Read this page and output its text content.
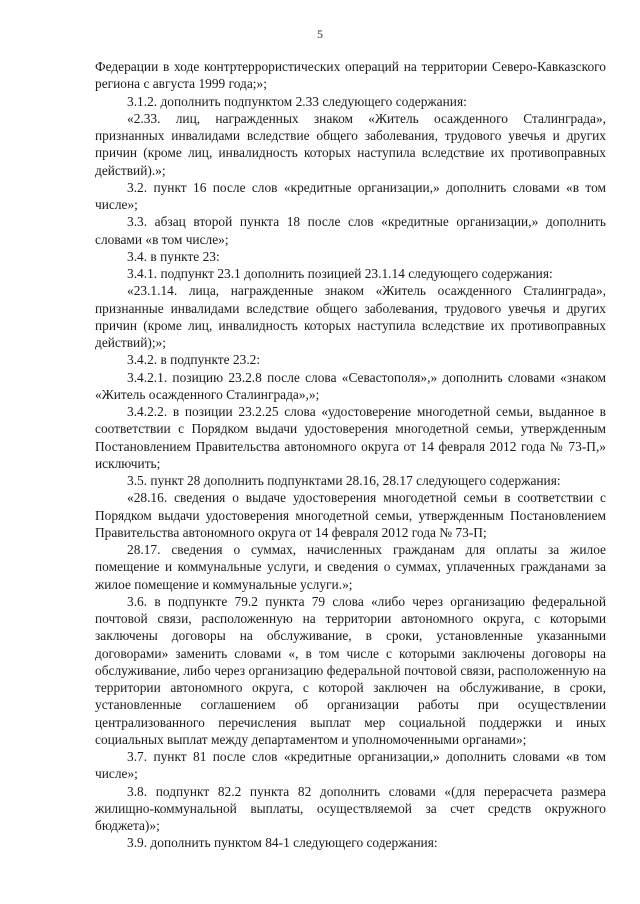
5

Федерации в ходе контртеррористических операций на территории Северо-Кавказского региона с августа 1999 года;»;

3.1.2. дополнить подпунктом 2.33 следующего содержания:

«2.33. лиц, награжденных знаком «Житель осажденного Сталинграда», признанных инвалидами вследствие общего заболевания, трудового увечья и других причин (кроме лиц, инвалидность которых наступила вследствие их противоправных действий).»;

3.2. пункт 16 после слов «кредитные организации,» дополнить словами «в том числе»;

3.3. абзац второй пункта 18 после слов «кредитные организации,» дополнить словами «в том числе»;

3.4. в пункте 23:

3.4.1. подпункт 23.1 дополнить позицией 23.1.14 следующего содержания:

«23.1.14. лица, награжденные знаком «Житель осажденного Сталинграда», признанные инвалидами вследствие общего заболевания, трудового увечья и других причин (кроме лиц, инвалидность которых наступила вследствие их противоправных действий);»;

3.4.2. в подпункте 23.2:

3.4.2.1. позицию 23.2.8 после слова «Севастополя»,» дополнить словами «знаком «Житель осажденного Сталинграда»,»;

3.4.2.2. в позиции 23.2.25 слова «удостоверение многодетной семьи, выданное в соответствии с Порядком выдачи удостоверения многодетной семьи, утвержденным Постановлением Правительства автономного округа от 14 февраля 2012 года № 73-П,» исключить;

3.5. пункт 28 дополнить подпунктами 28.16, 28.17 следующего содержания:

«28.16. сведения о выдаче удостоверения многодетной семьи в соответствии с Порядком выдачи удостоверения многодетной семьи, утвержденным Постановлением Правительства автономного округа от 14 февраля 2012 года № 73-П;

28.17. сведения о суммах, начисленных гражданам для оплаты за жилое помещение и коммунальные услуги, и сведения о суммах, уплаченных гражданами за жилое помещение и коммунальные услуги.»;

3.6. в подпункте 79.2 пункта 79 слова «либо через организацию федеральной почтовой связи, расположенную на территории автономного округа, с которыми заключены договоры на обслуживание, в сроки, установленные указанными договорами» заменить словами «, в том числе с которыми заключены договоры на обслуживание, либо через организацию федеральной почтовой связи, расположенную на территории автономного округа, с которой заключен на обслуживание, в сроки, установленные соглашением об организации работы при осуществлении централизованного перечисления выплат мер социальной поддержки и иных социальных выплат между департаментом и уполномоченными органами»;

3.7. пункт 81 после слов «кредитные организации,» дополнить словами «в том числе»;

3.8. подпункт 82.2 пункта 82 дополнить словами «(для перерасчета размера жилищно-коммунальной выплаты, осуществляемой за счет средств окружного бюджета)»;

3.9. дополнить пунктом 84-1 следующего содержания:
